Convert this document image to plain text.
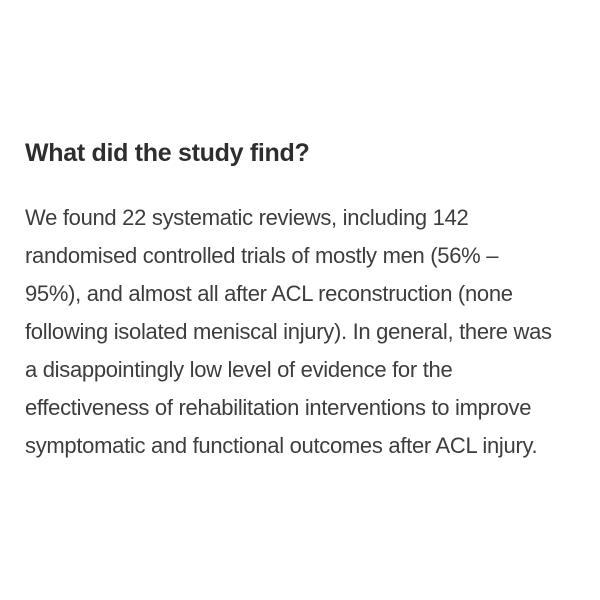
What did the study find?

We found 22 systematic reviews, including 142
randomised controlled trials of mostly men (56% –
95%), and almost all after ACL reconstruction (none
following isolated meniscal injury). In general, there was
a disappointingly low level of evidence for the
effectiveness of rehabilitation interventions to improve
symptomatic and functional outcomes after ACL injury.
